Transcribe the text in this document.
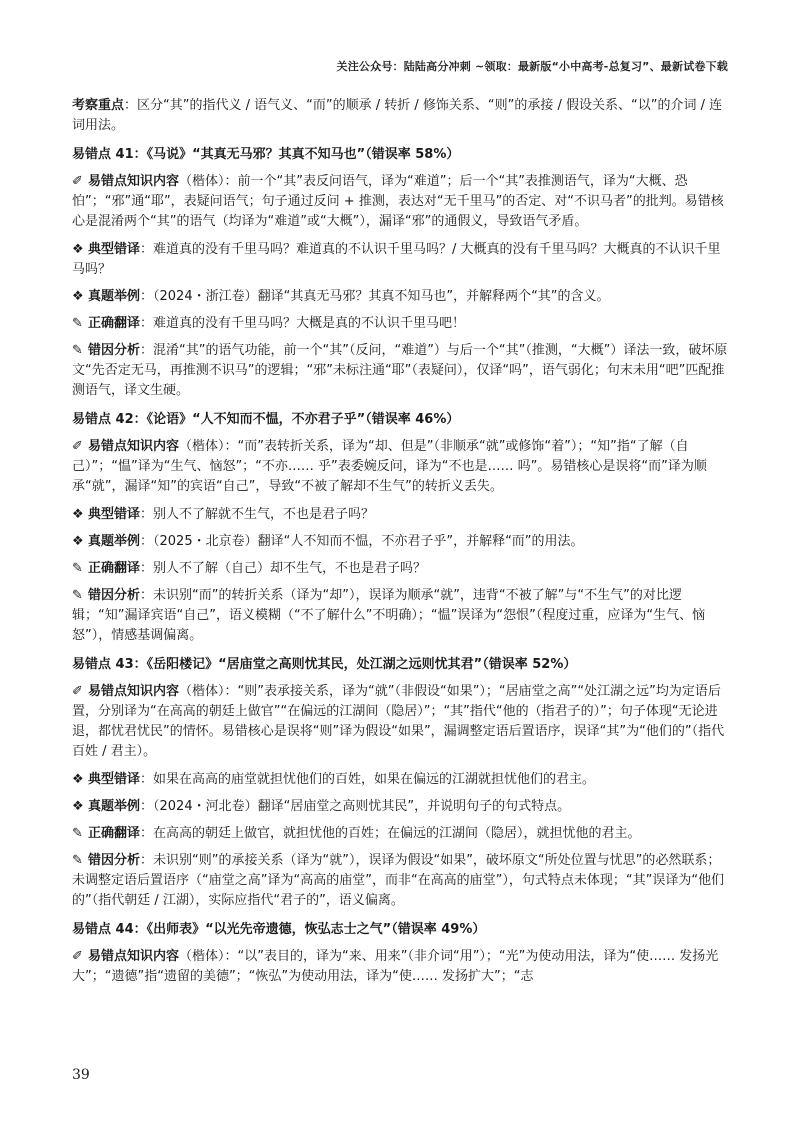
关注公众号：陆陆高分冲刺 ~领取：最新版“小中高考-总复习”、最新试卷下载

考察重点：区分“其”的指代义 / 语气义、“而”的顺承 / 转折 / 修饰关系、“则”的承接 / 假设关系、“以”的介词 / 连词用法。

易错点 41：《马说》“其真无马邪？其真不知马也”（错误率 58%）

✐ 易错点知识内容（楷体）：前一个“其”表反问语气，译为“难道”；后一个“其”表推测语气，译为“大概、恐怕”；“邪”通“耶”，表疑问语气；句子通过反问 + 推测，表达对“无千里马”的否定、对“不识马者”的批判。易错核心是混淆两个“其”的语气（均译为“难道”或“大概”），漏译“邪”的通假义，导致语气矛盾。

❖ 典型错译：难道真的没有千里马吗？难道真的不认识千里马吗？/ 大概真的没有千里马吗？大概真的不认识千里马吗？

❖ 真题举例：（2024・浙江卷）翻译“其真无马邪？其真不知马也”，并解释两个“其”的含义。

✎ 正确翻译：难道真的没有千里马吗？大概是真的不认识千里马吧！

✎ 错因分析：混淆“其”的语气功能，前一个“其”（反问，“难道”）与后一个“其”（推测，“大概”）译法一致，破坏原文“先否定无马，再推测不识马”的逻辑；“邪”未标注通“耶”（表疑问），仅译“吗”，语气弱化；句末未用“吧”匹配推测语气，译文生硬。

易错点 42：《论语》“人不知而不愠，不亦君子乎”（错误率 46%）

✐ 易错点知识内容（楷体）：“而”表转折关系，译为“却、但是”（非顺承“就”或修饰“着”）；“知”指“了解（自己）”；“愠”译为“生气、恼怒”；“不亦…… 乎”表委婉反问，译为“不也是…… 吗”。易错核心是误将“而”译为顺承“就”，漏译“知”的宾语“自己”，导致“不被了解却不生气”的转折义丢失。

❖ 典型错译：别人不了解就不生气，不也是君子吗？

❖ 真题举例：（2025・北京卷）翻译“人不知而不愠，不亦君子乎”，并解释“而”的用法。

✎ 正确翻译：别人不了解（自己）却不生气，不也是君子吗？

✎ 错因分析：未识别“而”的转折关系（译为“却”），误译为顺承“就”，违背“不被了解”与“不生气”的对比逻辑；“知”漏译宾语“自己”，语义模糊（“不了解什么”不明确）；“愠”误译为“怨恨”（程度过重，应译为“生气、恼怒”），情感基调偏离。

易错点 43：《岳阳楼记》“居庙堂之高则忧其民，处江湖之远则忧其君”（错误率 52%）

✐ 易错点知识内容（楷体）：“则”表承接关系，译为“就”（非假设“如果”）；“居庙堂之高”“处江湖之远”均为定语后置，分别译为“在高高的朝廷上做官”“在偏远的江湖间（隐居）”；“其”指代“他的（指君子的）”；句子体现“无论进退，都忧君忧民”的情怀。易错核心是误将“则”译为假设“如果”，漏调整定语后置语序，误译“其”为“他们的”（指代百姓 / 君主）。

❖ 典型错译：如果在高高的庙堂就担忧他们的百姓，如果在偏远的江湖就担忧他们的君主。

❖ 真题举例：（2024・河北卷）翻译“居庙堂之高则忧其民”，并说明句子的句式特点。

✎ 正确翻译：在高高的朝廷上做官，就担忧他的百姓；在偏远的江湖间（隐居），就担忧他的君主。

✎ 错因分析：未识别“则”的承接关系（译为“就”），误译为假设“如果”，破坏原文“所处位置与忧思”的必然联系；未调整定语后置语序（“庙堂之高”译为“高高的庙堂”，而非“在高高的庙堂”），句式特点未体现；“其”误译为“他们的”（指代朝廷 / 江湖），实际应指代“君子的”，语义偏离。

易错点 44：《出师表》“以光先帝遗德，恢弘志士之气”（错误率 49%）

✐ 易错点知识内容（楷体）：“以”表目的，译为“来、用来”（非介词“用”）；“光”为使动用法，译为“使…… 发扬光大”；“遗德”指“遗留的美德”；“恢弘”为使动用法，译为“使…… 发扬扩大”；“志

39
